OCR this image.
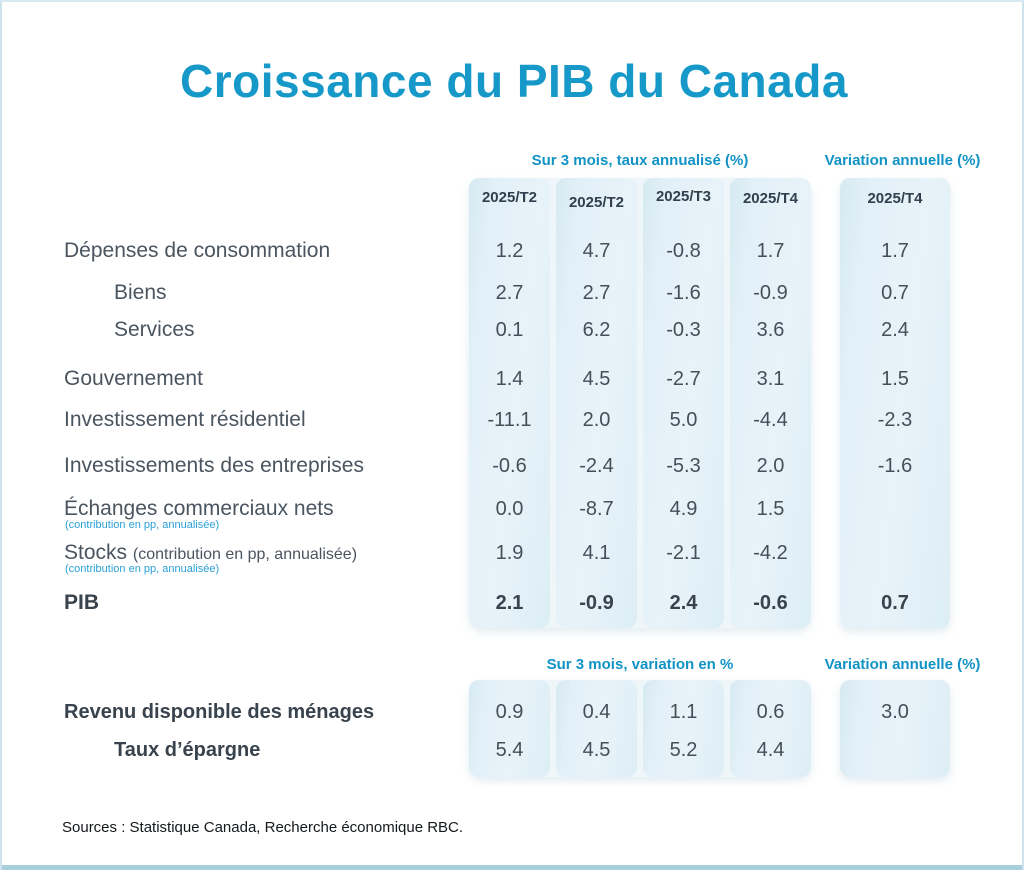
Croissance du PIB du Canada
Sur 3 mois, taux annualisé (%)	Variation annuelle (%)
2025/T2	2025/T2	2025/T3	2025/T4	2025/T4
Dépenses de consommation	1.2	4.7	-0.8	1.7	1.7
Biens	2.7	2.7	-1.6	-0.9	0.7
Services	0.1	6.2	-0.3	3.6	2.4
Gouvernement	1.4	4.5	-2.7	3.1	1.5
Investissement résidentiel	-11.1	2.0	5.0	-4.4	-2.3
Investissements des entreprises	-0.6	-2.4	-5.3	2.0	-1.6
Échanges commerciaux nets	0.0	-8.7	4.9	1.5
(contribution en pp, annualisée)
Stocks (contribution en pp, annualisée)	1.9	4.1	-2.1	-4.2
(contribution en pp, annualisée)
PIB	2.1	-0.9	2.4	-0.6	0.7
Sur 3 mois, variation en %	Variation annuelle (%)
Revenu disponible des ménages	0.9	0.4	1.1	0.6	3.0
Taux d’épargne	5.4	4.5	5.2	4.4
Sources : Statistique Canada, Recherche économique RBC.
